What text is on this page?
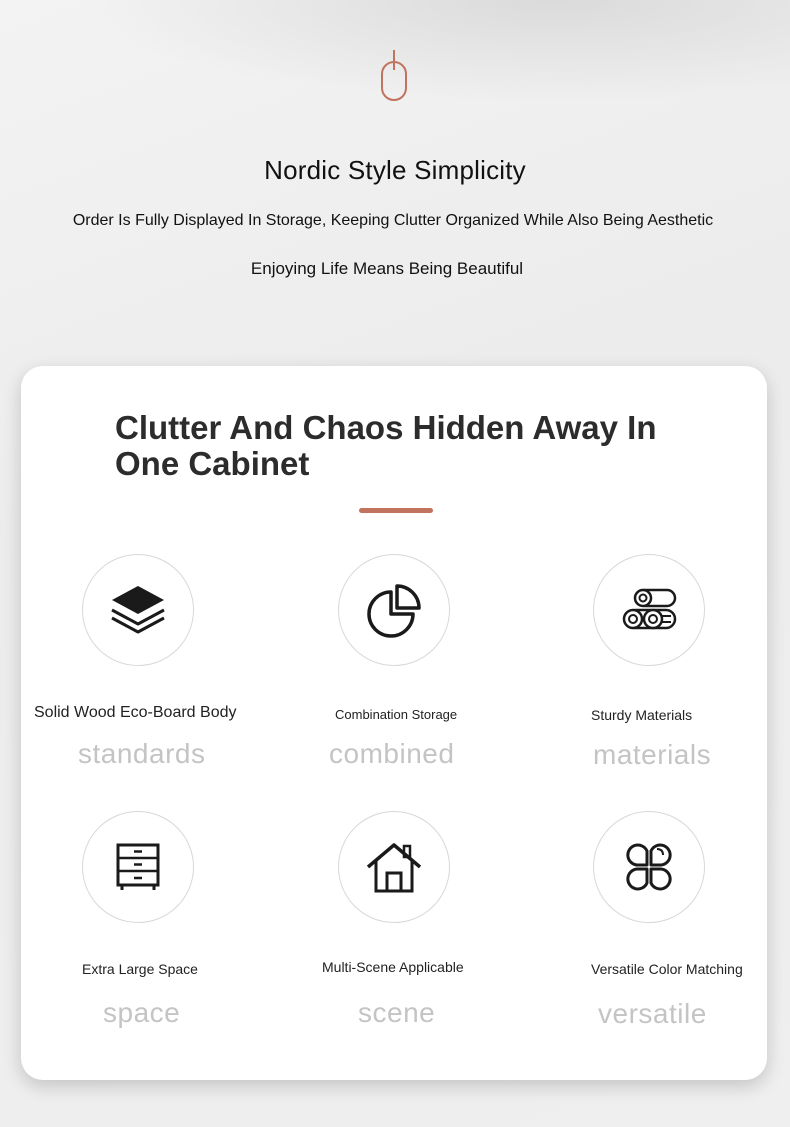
Nordic Style Simplicity
Order Is Fully Displayed In Storage, Keeping Clutter Organized While Also Being Aesthetic
Enjoying Life Means Being Beautiful
Clutter And Chaos Hidden Away In One Cabinet
Solid Wood Eco-Board Body
standards
Combination Storage
combined
Sturdy Materials
materials
Extra Large Space
space
Multi-Scene Applicable
scene
Versatile Color Matching
versatile
